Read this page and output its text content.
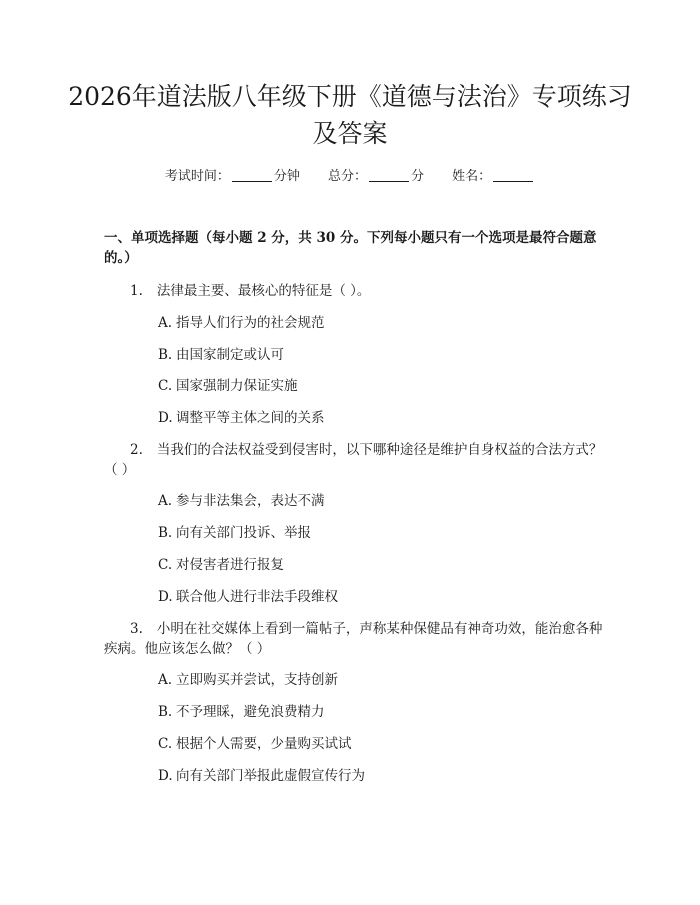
2026年道法版八年级下册《道德与法治》专项练习及答案
考试时间：	分钟 总分：	分 姓名：
一、单项选择题（每小题 2 分，共 30 分。下列每小题只有一个选项是最符合题意的。）

1. 法律最主要、最核心的特征是（ ）。

A. 指导人们行为的社会规范
B. 由国家制定或认可
C. 国家强制力保证实施
D. 调整平等主体之间的关系

2. 当我们的合法权益受到侵害时，以下哪种途径是维护自身权益的合法方式？（ ）

A. 参与非法集会，表达不满
B. 向有关部门投诉、举报
C. 对侵害者进行报复
D. 联合他人进行非法手段维权

3. 小明在社交媒体上看到一篇帖子，声称某种保健品有神奇功效，能治愈各种疾病。他应该怎么做？（ ）

A. 立即购买并尝试，支持创新
B. 不予理睬，避免浪费精力
C. 根据个人需要，少量购买试试
D. 向有关部门举报此虚假宣传行为
